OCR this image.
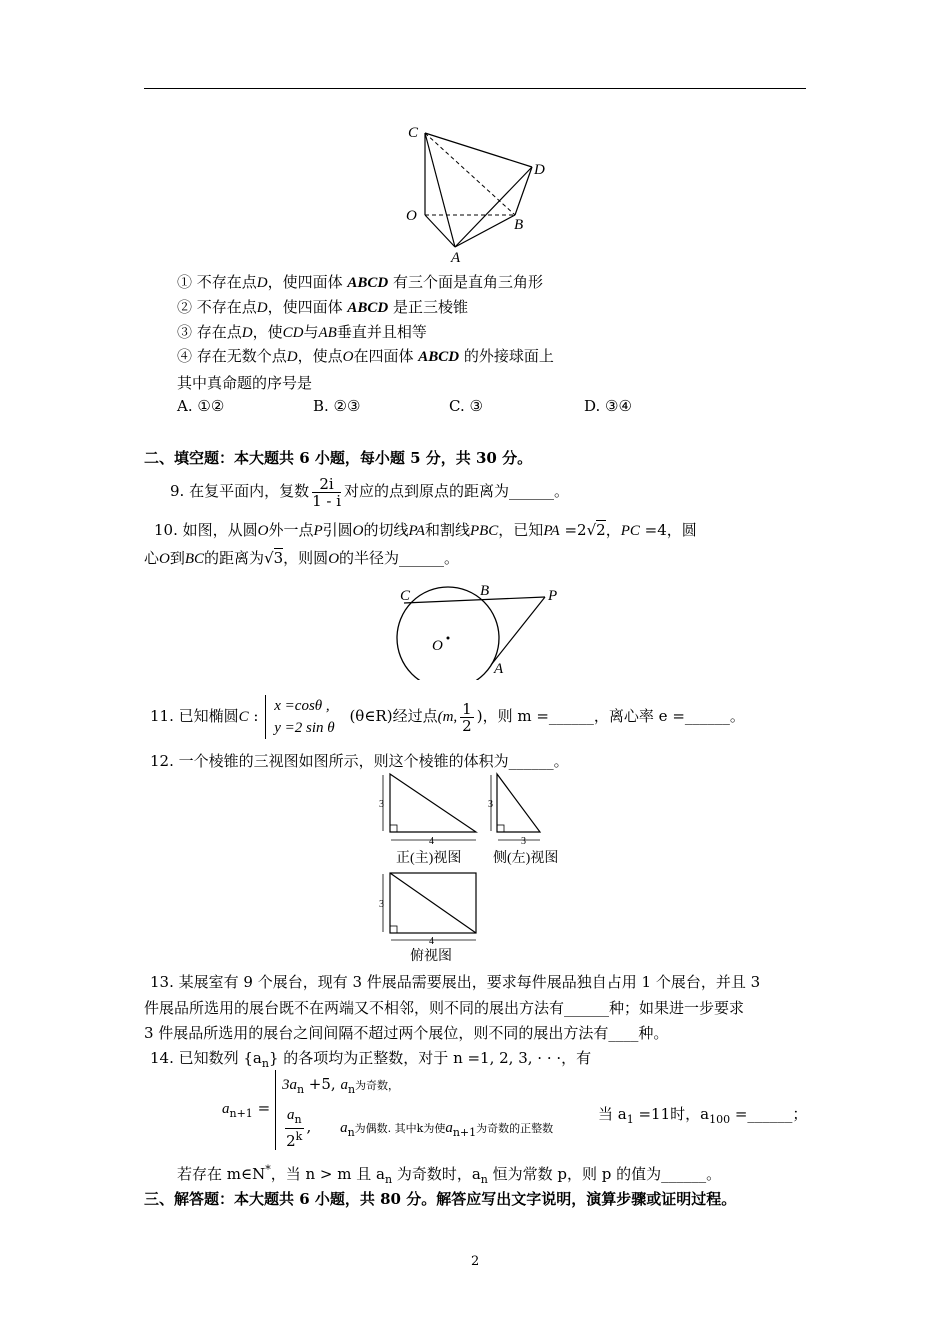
C
D
O
B
A
① 不存在点D，使四面体 ABCD 有三个面是直角三角形
② 不存在点D，使四面体 ABCD 是正三棱锥
③ 存在点D，使CD与AB垂直并且相等
④ 存在无数个点D，使点O在四面体 ABCD 的外接球面上
其中真命题的序号是
A. ①②	B. ②③	C. ③	D. ③④
二、填空题：本大题共 6 小题，每小题 5 分，共 30 分。
9. 在复平面内，复数 $\frac{2i}{1 - i}$ 对应的点到原点的距离为______。
10. 如图，从圆O外一点P引圆O的切线PA和割线PBC，已知PA =2√2，PC =4，圆
心O到BC的距离为√3，则圆O的半径为______。
C	B	P
O
A
11. 已知椭圆C :
x =cosθ ,
y =2 sin θ
(θ∈R)经过点(m, $\frac{1}{2}$ )，则 m =______，离心率 e =______。
12. 一个棱锥的三视图如图所示，则这个棱锥的体积为______。
3
4
正(主)视图
3
3
侧(左)视图
3
4
俯视图
13. 某展室有 9 个展台，现有 3 件展品需要展出，要求每件展品独自占用 1 个展台，并且 3
件展品所选用的展台既不在两端又不相邻，则不同的展出方法有______种；如果进一步要求
3 件展品所选用的展台之间间隔不超过两个展位，则不同的展出方法有____种。
14. 已知数列 $\{a_n\}$ 的各项均为正整数，对于 n =1, 2, 3, · · ·，有
$a_{n+1}$ =
$3a_n +5$, $a_n$为奇数，
$\frac{a_n}{2^k}$ , $a_n$为偶数. 其中k为使$a_{n+1}$为奇数的正整数
当 $a_1 =11$时，$a_{100}$ =______；
若存在 m∈N*，当 n > m 且 $a_n$ 为奇数时，$a_n$ 恒为常数 p，则 p 的值为______。
三、解答题：本大题共 6 小题，共 80 分。解答应写出文字说明，演算步骤或证明过程。
2
